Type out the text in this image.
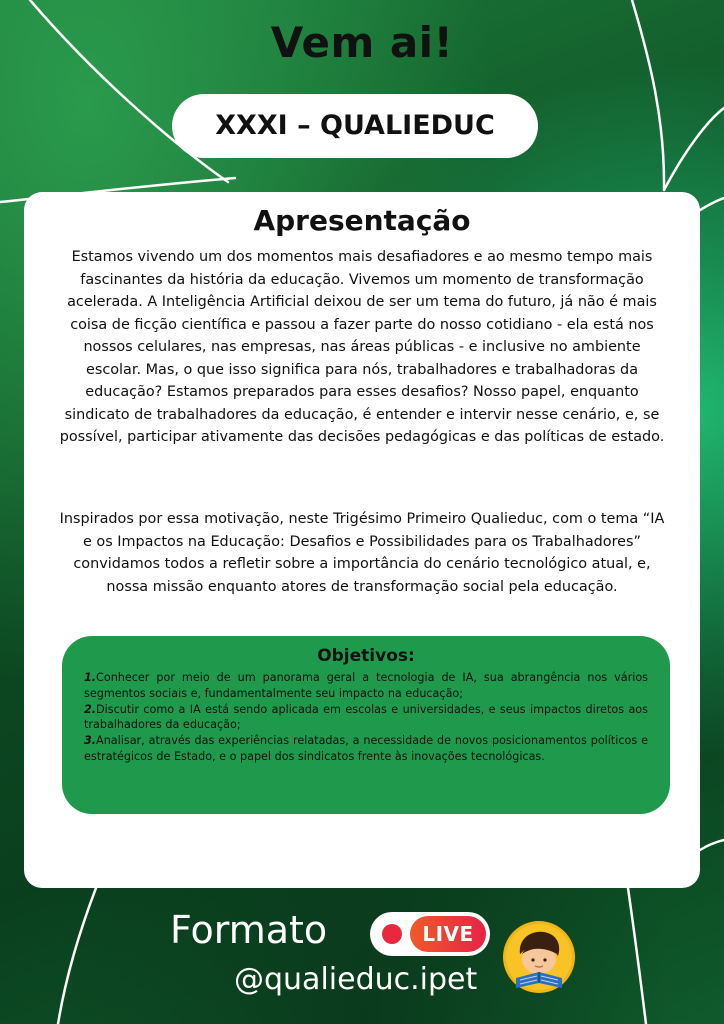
Vem ai!
XXXI – QUALIEDUC
Apresentação

Estamos vivendo um dos momentos mais desafiadores e ao mesmo tempo mais fascinantes da história da educação. Vivemos um momento de transformação acelerada. A Inteligência Artificial deixou de ser um tema do futuro, já não é mais coisa de ficção científica e passou a fazer parte do nosso cotidiano - ela está nos nossos celulares, nas empresas, nas áreas públicas - e inclusive no ambiente escolar. Mas, o que isso significa para nós, trabalhadores e trabalhadoras da educação? Estamos preparados para esses desafios? Nosso papel, enquanto sindicato de trabalhadores da educação, é entender e intervir nesse cenário, e, se possível, participar ativamente das decisões pedagógicas e das políticas de estado.

Inspirados por essa motivação, neste Trigésimo Primeiro Qualieduc, com o tema “IA e os Impactos na Educação: Desafios e Possibilidades para os Trabalhadores” convidamos todos a refletir sobre a importância do cenário tecnológico atual, e, nossa missão enquanto atores de transformação social pela educação.

Objetivos:

1.Conhecer por meio de um panorama geral a tecnologia de IA, sua abrangência nos vários segmentos sociais e, fundamentalmente seu impacto na educação;

2.Discutir como a IA está sendo aplicada em escolas e universidades, e seus impactos diretos aos trabalhadores da educação;

3.Analisar, através das experiências relatadas, a necessidade de novos posicionamentos políticos e estratégicos de Estado, e o papel dos sindicatos frente às inovações tecnológicas.

Formato	LIVE
@qualieduc.ipet
